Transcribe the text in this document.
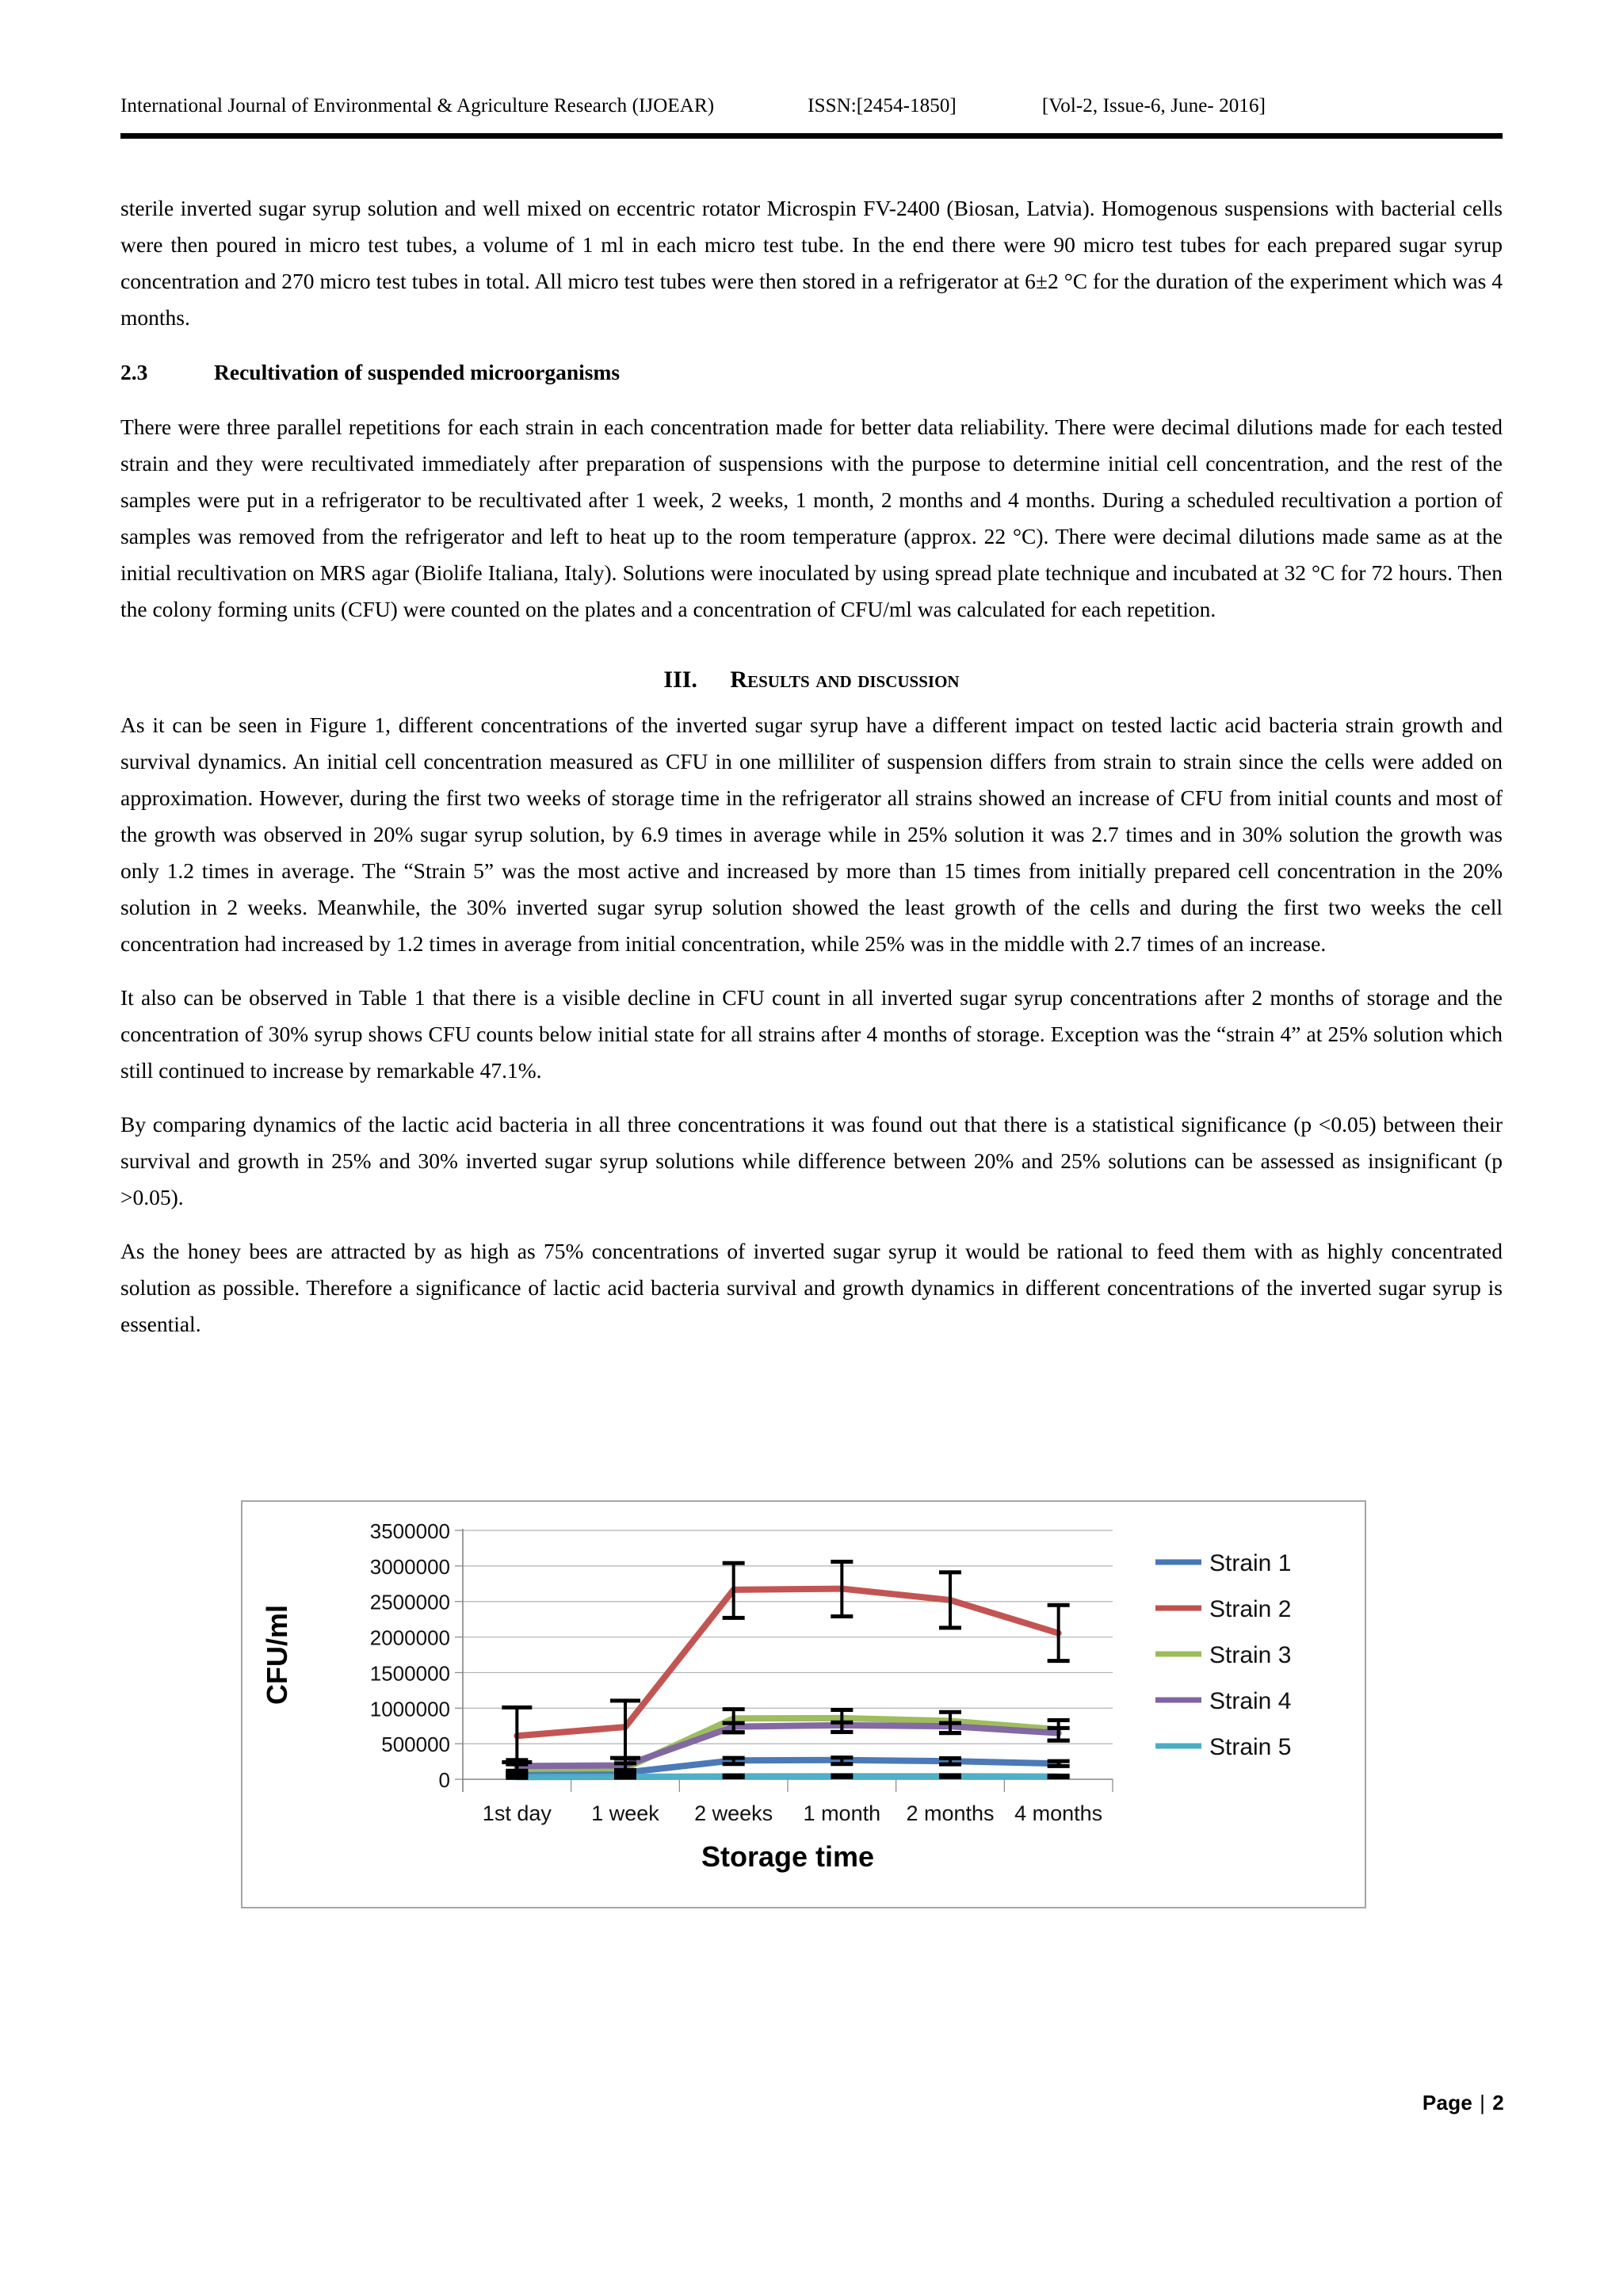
International Journal of Environmental & Agriculture Research (IJOEAR)	ISSN:[2454-1850]	[Vol-2, Issue-6, June- 2016]

sterile inverted sugar syrup solution and well mixed on eccentric rotator Microspin FV-2400 (Biosan, Latvia). Homogenous suspensions with bacterial cells were then poured in micro test tubes, a volume of 1 ml in each micro test tube. In the end there were 90 micro test tubes for each prepared sugar syrup concentration and 270 micro test tubes in total. All micro test tubes were then stored in a refrigerator at 6±2 °C for the duration of the experiment which was 4 months.

2.3	Recultivation of suspended microorganisms

There were three parallel repetitions for each strain in each concentration made for better data reliability. There were decimal dilutions made for each tested strain and they were recultivated immediately after preparation of suspensions with the purpose to determine initial cell concentration, and the rest of the samples were put in a refrigerator to be recultivated after 1 week, 2 weeks, 1 month, 2 months and 4 months. During a scheduled recultivation a portion of samples was removed from the refrigerator and left to heat up to the room temperature (approx. 22 °C). There were decimal dilutions made same as at the initial recultivation on MRS agar (Biolife Italiana, Italy). Solutions were inoculated by using spread plate technique and incubated at 32 °C for 72 hours. Then the colony forming units (CFU) were counted on the plates and a concentration of CFU/ml was calculated for each repetition.

III. Results and discussion

As it can be seen in Figure 1, different concentrations of the inverted sugar syrup have a different impact on tested lactic acid bacteria strain growth and survival dynamics. An initial cell concentration measured as CFU in one milliliter of suspension differs from strain to strain since the cells were added on approximation. However, during the first two weeks of storage time in the refrigerator all strains showed an increase of CFU from initial counts and most of the growth was observed in 20% sugar syrup solution, by 6.9 times in average while in 25% solution it was 2.7 times and in 30% solution the growth was only 1.2 times in average. The “Strain 5” was the most active and increased by more than 15 times from initially prepared cell concentration in the 20% solution in 2 weeks. Meanwhile, the 30% inverted sugar syrup solution showed the least growth of the cells and during the first two weeks the cell concentration had increased by 1.2 times in average from initial concentration, while 25% was in the middle with 2.7 times of an increase.

It also can be observed in Table 1 that there is a visible decline in CFU count in all inverted sugar syrup concentrations after 2 months of storage and the concentration of 30% syrup shows CFU counts below initial state for all strains after 4 months of storage. Exception was the “strain 4” at 25% solution which still continued to increase by remarkable 47.1%.

By comparing dynamics of the lactic acid bacteria in all three concentrations it was found out that there is a statistical significance (p <0.05) between their survival and growth in 25% and 30% inverted sugar syrup solutions while difference between 20% and 25% solutions can be assessed as insignificant (p >0.05).

As the honey bees are attracted by as high as 75% concentrations of inverted sugar syrup it would be rational to feed them with as highly concentrated solution as possible. Therefore a significance of lactic acid bacteria survival and growth dynamics in different concentrations of the inverted sugar syrup is essential.

0
500000
1000000
1500000
2000000
2500000
3000000
3500000
1st day 1 week 2 weeks 1 month 2 months 4 months
Storage time
CFU/ml
Strain 1
Strain 2
Strain 3
Strain 4
Strain 5
Page | 2
